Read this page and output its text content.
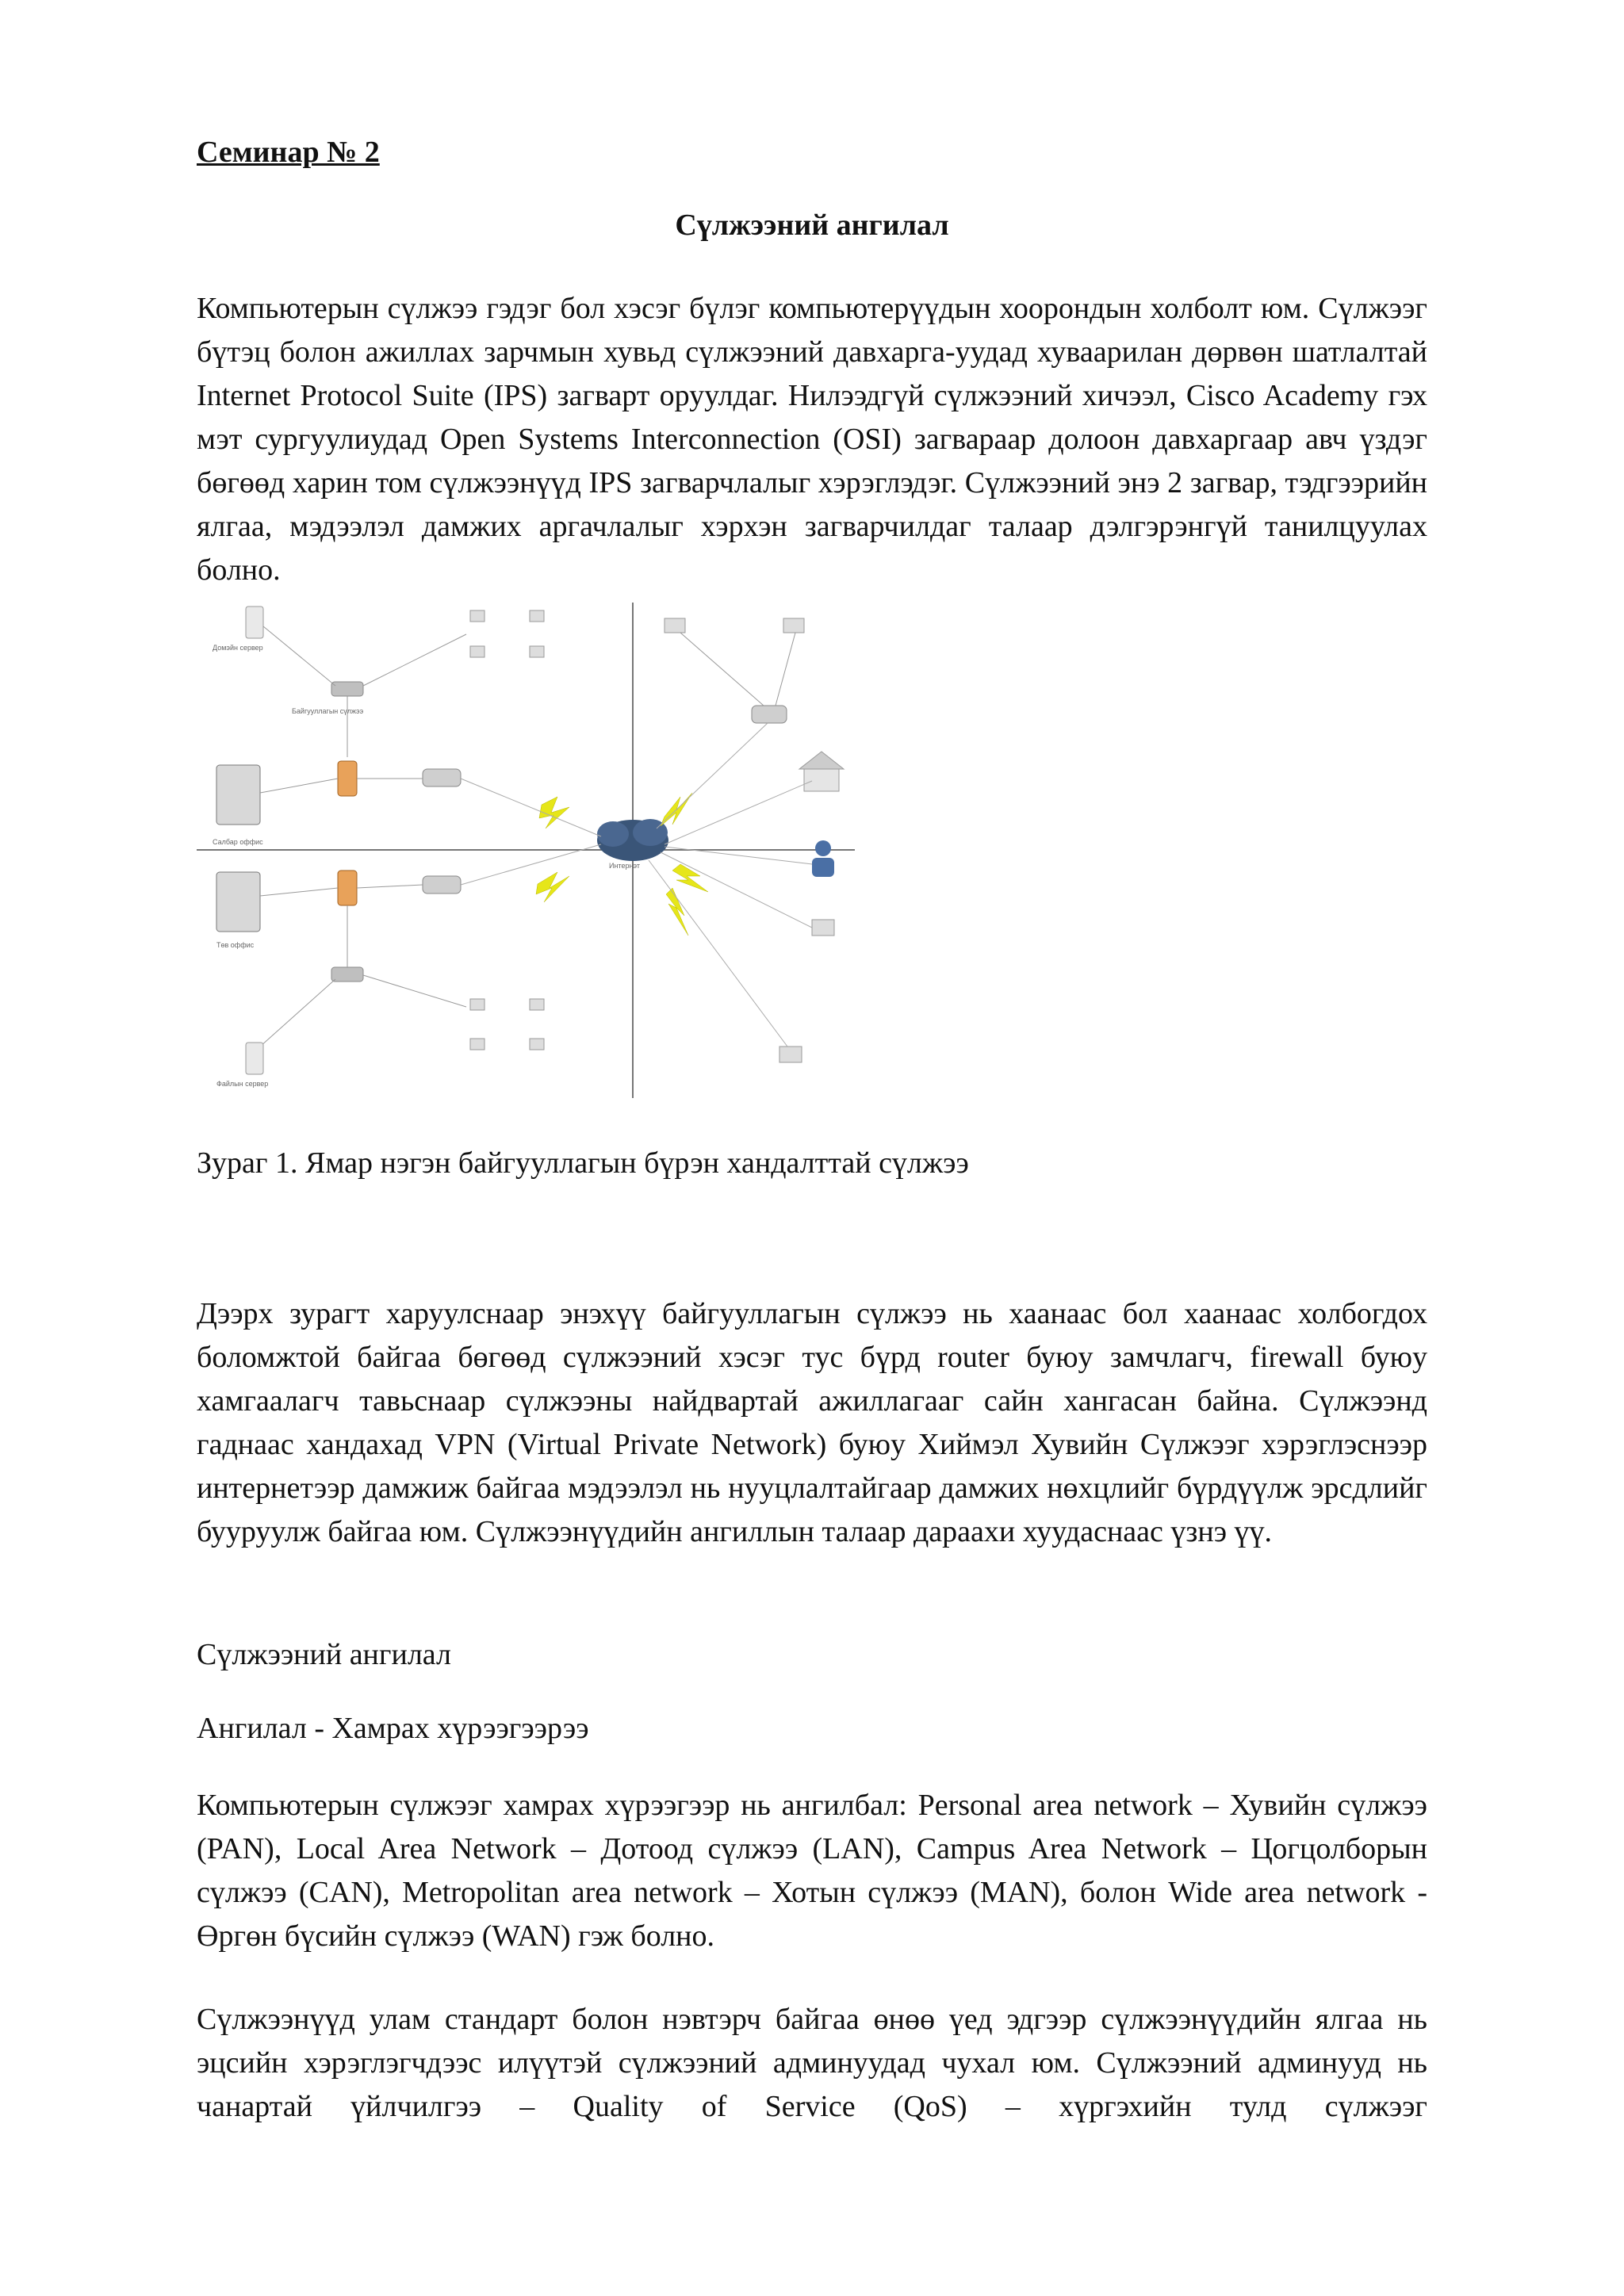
Семинар № 2

Сүлжээний ангилал

Компьютерын сүлжээ гэдэг бол хэсэг бүлэг компьютерүүдын хоорондын холболт юм. Сүлжээг бүтэц болон ажиллах зарчмын хувьд сүлжээний давхарга-уудад хуваарилан дөрвөн шатлалтай Internet Protocol Suite (IPS) загварт оруулдаг. Нилээдгүй сүлжээний хичээл, Cisco Academy гэх мэт сургуулиудад Open Systems Interconnection (OSI) загвараар долоон давхаргаар авч үздэг бөгөөд харин том сүлжээнүүд IPS загварчлалыг хэрэглэдэг. Сүлжээний энэ 2 загвар, тэдгээрийн ялгаа, мэдээлэл дамжих аргачлалыг хэрхэн загварчилдаг талаар дэлгэрэнгүй танилцуулах болно.

Домэйн сервер
Байгууллагын сүлжээ
Салбар оффис
Төв оффис
Файлын сервер
Интернэт

Зураг 1. Ямар нэгэн байгууллагын бүрэн хандалттай сүлжээ

Дээрх зурагт харуулснаар энэхүү байгууллагын сүлжээ нь хаанаас бол хаанаас холбогдох боломжтой байгаа бөгөөд сүлжээний хэсэг тус бүрд router буюу замчлагч, firewall буюу хамгаалагч тавьснаар сүлжээны найдвартай ажиллагааг сайн хангасан байна. Сүлжээнд гаднаас хандахад VPN (Virtual Private Network) буюу Хиймэл Хувийн Сүлжээг хэрэглэснээр интернетээр дамжиж байгаа мэдээлэл нь нууцлалтайгаар дамжих нөхцлийг бүрдүүлж эрсдлийг бууруулж байгаа юм. Сүлжээнүүдийн ангиллын талаар дараахи хуудаснаас үзнэ үү.

Сүлжээний ангилал

Ангилал - Хамрах хүрээгээрээ

Компьютерын сүлжээг хамрах хүрээгээр нь ангилбал: Personal area network – Хувийн сүлжээ (PAN), Local Area Network – Дотоод сүлжээ (LAN), Campus Area Network – Цогцолборын сүлжээ (CAN), Metropolitan area network – Хотын сүлжээ (MAN), болон Wide area network - Өргөн бүсийн сүлжээ (WAN) гэж болно.

Сүлжээнүүд улам стандарт болон нэвтэрч байгаа өнөө үед эдгээр сүлжээнүүдийн ялгаа нь эцсийн хэрэглэгчдээс илүүтэй сүлжээний админуудад чухал юм. Сүлжээний админууд нь чанартай үйлчилгээ – Quality of Service (QoS) – хүргэхийн тулд сүлжээг
